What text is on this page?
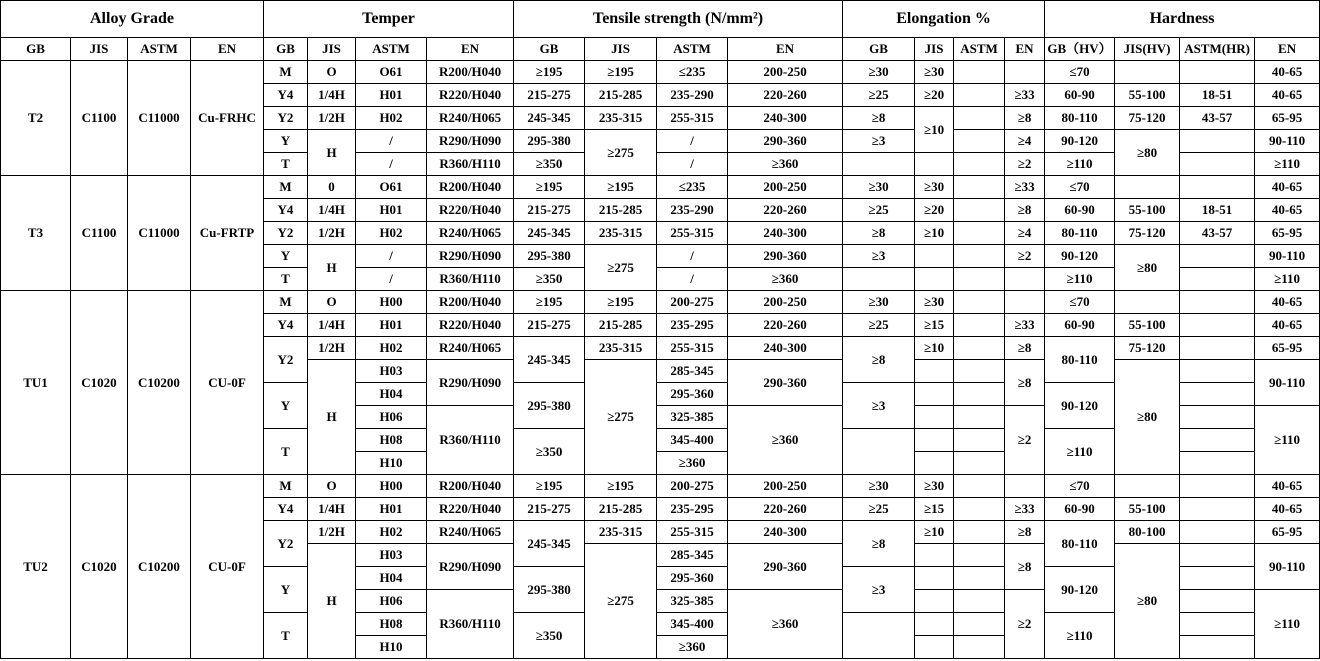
Alloy Grade				Temper				Tensile strength (N/mm²)				Elongation %				Hardness			
GB	JIS	ASTM	EN	GB	JIS	ASTM	EN	GB	JIS	ASTM	EN	GB	JIS	ASTM	EN	GB（HV）	JIS(HV)	ASTM(HR)	EN
T2	C1100	C11000	Cu-FRHC	M	O	O61	R200/H040	≥195	≥195	≤235	200-250	≥30	≥30			≤70			40-65
				Y4	1/4H	H01	R220/H040	215-275	215-285	235-290	220-260	≥25	≥20		≥33	60-90	55-100	18-51	40-65
				Y2	1/2H	H02	R240/H065	245-345	235-315	255-315	240-300	≥8	≥10		≥8	80-110	75-120	43-57	65-95
				Y	H	/	R290/H090	295-380	≥275	/	290-360	≥3			≥4	90-120	≥80		90-110
				T		/	R360/H110	≥350		/	≥360				≥2	≥110			≥110
T3	C1100	C11000	Cu-FRTP	M	0	O61	R200/H040	≥195	≥195	≤235	200-250	≥30	≥30		≥33	≤70			40-65
				Y4	1/4H	H01	R220/H040	215-275	215-285	235-290	220-260	≥25	≥20		≥8	60-90	55-100	18-51	40-65
				Y2	1/2H	H02	R240/H065	245-345	235-315	255-315	240-300	≥8	≥10		≥4	80-110	75-120	43-57	65-95
				Y	H	/	R290/H090	295-380	≥275	/	290-360	≥3			≥2	90-120	≥80		90-110
				T		/	R360/H110	≥350		/	≥360					≥110			≥110
TU1	C1020	C10200	CU-0F	M	O	H00	R200/H040	≥195	≥195	200-275	200-250	≥30	≥30			≤70			40-65
				Y4	1/4H	H01	R220/H040	215-275	215-285	235-295	220-260	≥25	≥15		≥33	60-90	55-100		40-65
				Y2	1/2H	H02	R240/H065	245-345	235-315	255-315	240-300	≥8	≥10		≥8	80-110	75-120		65-95
					H	H03	R290/H090		≥275	285-345	290-360				≥8		≥80		90-110
				Y		H04		295-380		295-360		≥3				90-120			
						H06	R360/H110			325-385	≥360				≥2				≥110
				T		H08		≥350		345-400						≥110			
						H10				≥360									
TU2	C1020	C10200	CU-0F	M	O	H00	R200/H040	≥195	≥195	200-275	200-250	≥30	≥30			≤70			40-65
				Y4	1/4H	H01	R220/H040	215-275	215-285	235-295	220-260	≥25	≥15		≥33	60-90	55-100		40-65
				Y2	1/2H	H02	R240/H065	245-345	235-315	255-315	240-300	≥8	≥10		≥8	80-110	80-100		65-95
					H	H03	R290/H090		≥275	285-345	290-360				≥8		≥80		90-110
				Y		H04		295-380		295-360		≥3				90-120			
						H06	R360/H110			325-385	≥360				≥2				≥110
				T		H08		≥350		345-400						≥110			
						H10				≥360									
